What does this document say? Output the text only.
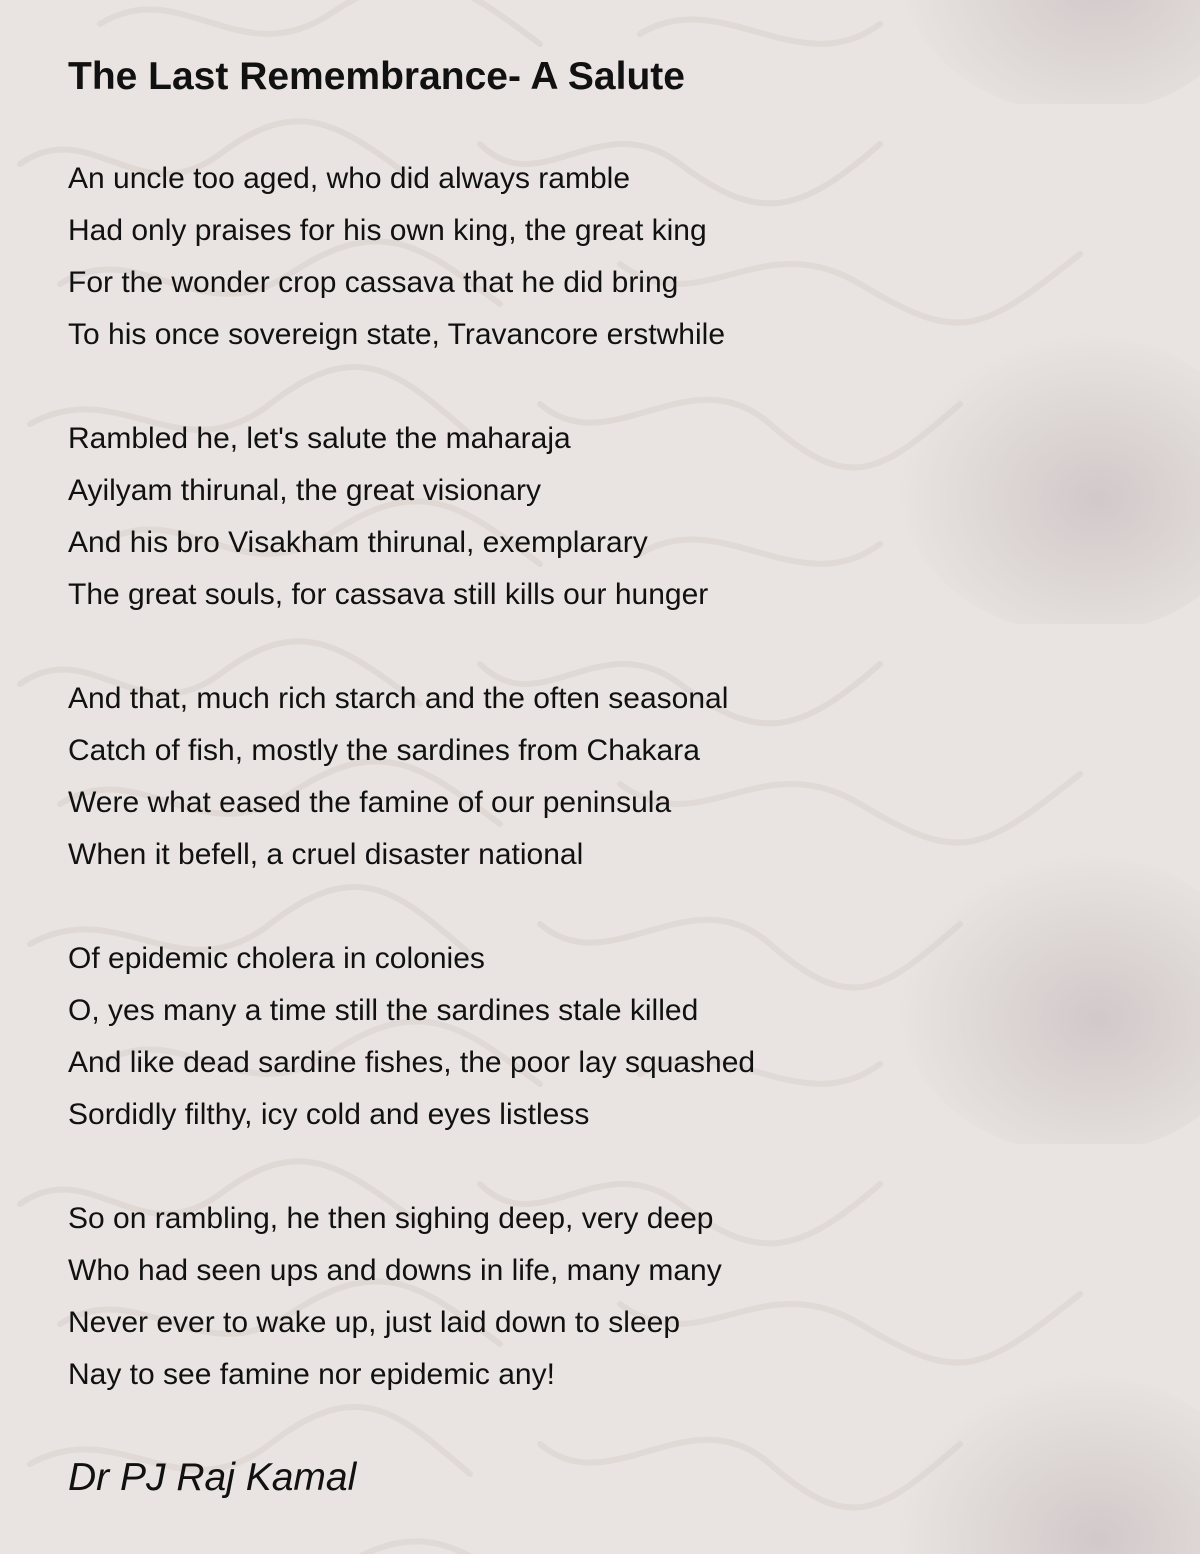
The Last Remembrance- A Salute
An uncle too aged, who did always ramble
Had only praises for his own king, the great king
For the wonder crop cassava that he did bring
To his once sovereign state, Travancore erstwhile
Rambled he, let's salute the maharaja
Ayilyam thirunal, the great visionary
And his bro Visakham thirunal, exemplarary
The great souls, for cassava still kills our hunger
And that, much rich starch and the often seasonal
Catch of fish, mostly the sardines from Chakara
Were what eased the famine of our peninsula
When it befell, a cruel disaster national
Of epidemic cholera in colonies
O, yes many a time still the sardines stale killed
And like dead sardine fishes, the poor lay squashed
Sordidly filthy, icy cold and eyes listless
So on rambling, he then sighing deep, very deep
Who had seen ups and downs in life, many many
Never ever to wake up, just laid down to sleep
Nay to see famine nor epidemic any!
Dr PJ Raj Kamal
